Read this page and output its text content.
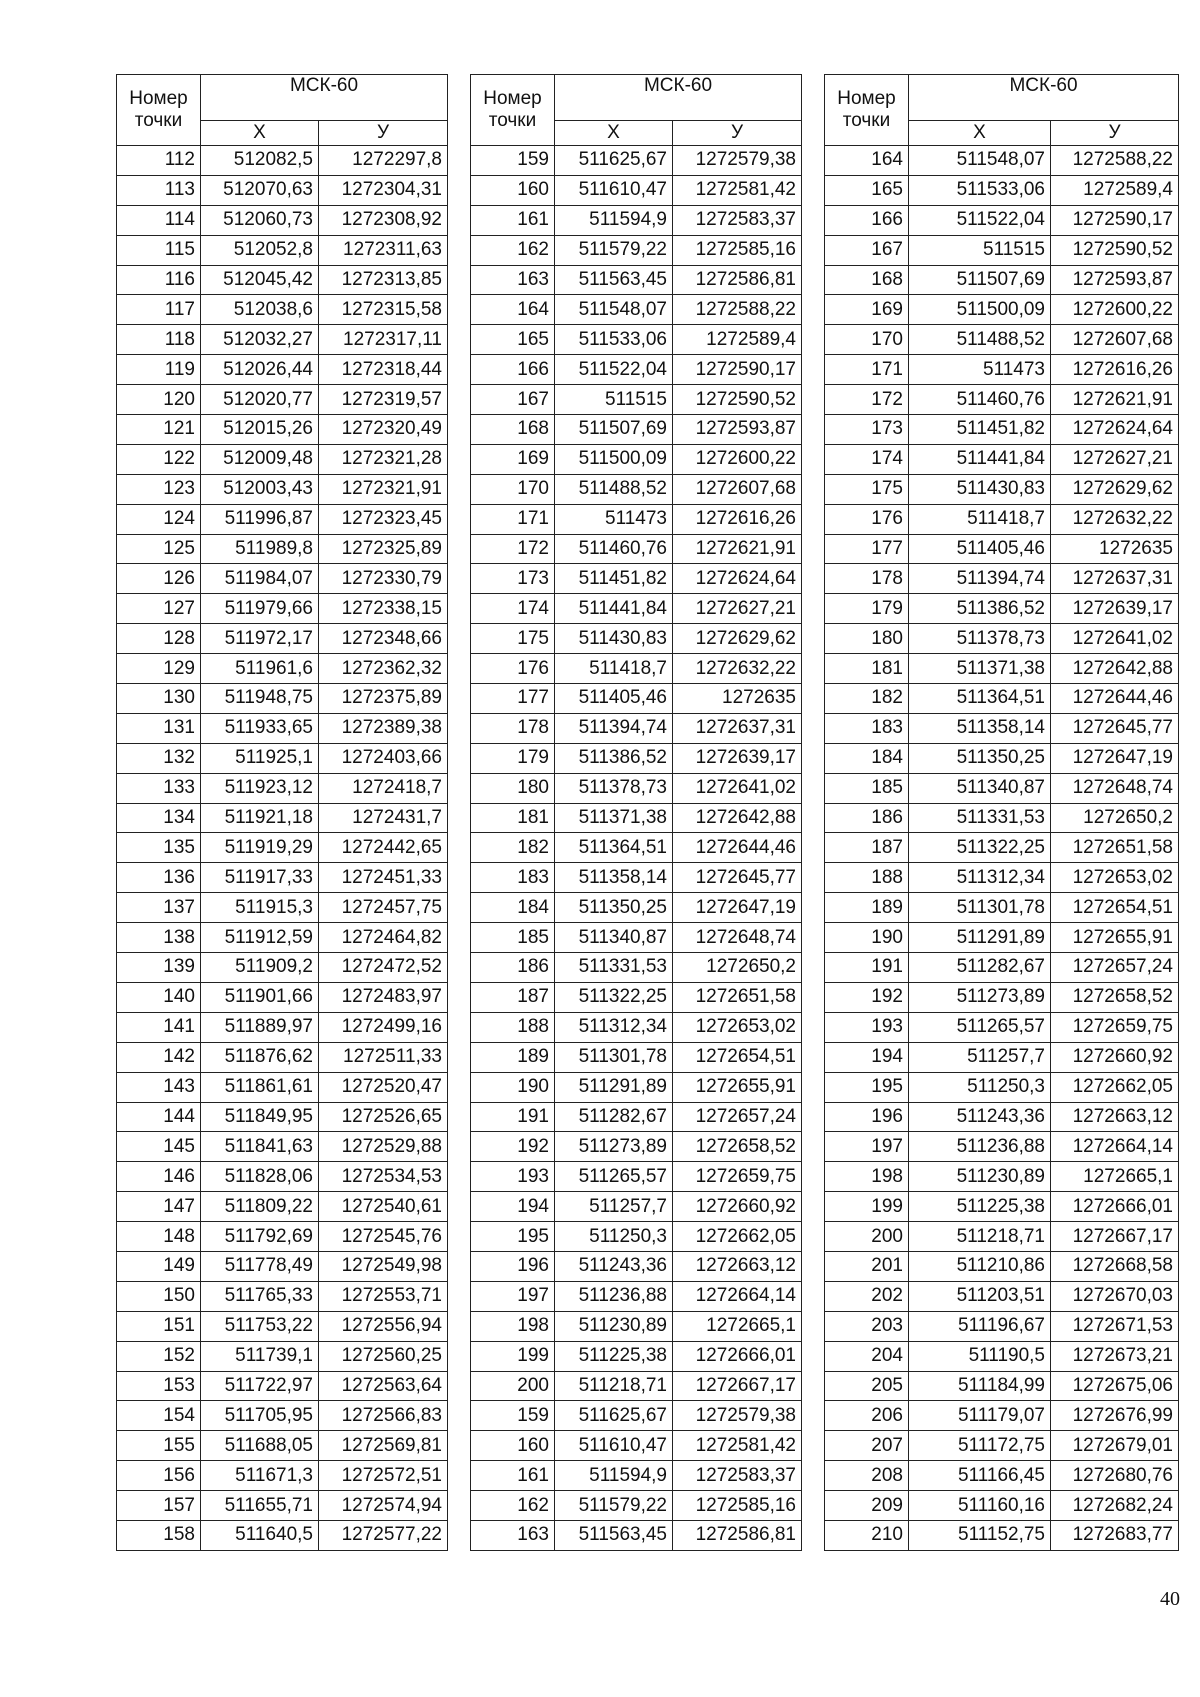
Номер
точки	МСК-60	
	Х	У
112	512082,5	1272297,8
113	512070,63	1272304,31
114	512060,73	1272308,92
115	512052,8	1272311,63
116	512045,42	1272313,85
117	512038,6	1272315,58
118	512032,27	1272317,11
119	512026,44	1272318,44
120	512020,77	1272319,57
121	512015,26	1272320,49
122	512009,48	1272321,28
123	512003,43	1272321,91
124	511996,87	1272323,45
125	511989,8	1272325,89
126	511984,07	1272330,79
127	511979,66	1272338,15
128	511972,17	1272348,66
129	511961,6	1272362,32
130	511948,75	1272375,89
131	511933,65	1272389,38
132	511925,1	1272403,66
133	511923,12	1272418,7
134	511921,18	1272431,7
135	511919,29	1272442,65
136	511917,33	1272451,33
137	511915,3	1272457,75
138	511912,59	1272464,82
139	511909,2	1272472,52
140	511901,66	1272483,97
141	511889,97	1272499,16
142	511876,62	1272511,33
143	511861,61	1272520,47
144	511849,95	1272526,65
145	511841,63	1272529,88
146	511828,06	1272534,53
147	511809,22	1272540,61
148	511792,69	1272545,76
149	511778,49	1272549,98
150	511765,33	1272553,71
151	511753,22	1272556,94
152	511739,1	1272560,25
153	511722,97	1272563,64
154	511705,95	1272566,83
155	511688,05	1272569,81
156	511671,3	1272572,51
157	511655,71	1272574,94
158	511640,5	1272577,22
Номер
точки	МСК-60	
	Х	У
159	511625,67	1272579,38
160	511610,47	1272581,42
161	511594,9	1272583,37
162	511579,22	1272585,16
163	511563,45	1272586,81
164	511548,07	1272588,22
165	511533,06	1272589,4
166	511522,04	1272590,17
167	511515	1272590,52
168	511507,69	1272593,87
169	511500,09	1272600,22
170	511488,52	1272607,68
171	511473	1272616,26
172	511460,76	1272621,91
173	511451,82	1272624,64
174	511441,84	1272627,21
175	511430,83	1272629,62
176	511418,7	1272632,22
177	511405,46	1272635
178	511394,74	1272637,31
179	511386,52	1272639,17
180	511378,73	1272641,02
181	511371,38	1272642,88
182	511364,51	1272644,46
183	511358,14	1272645,77
184	511350,25	1272647,19
185	511340,87	1272648,74
186	511331,53	1272650,2
187	511322,25	1272651,58
188	511312,34	1272653,02
189	511301,78	1272654,51
190	511291,89	1272655,91
191	511282,67	1272657,24
192	511273,89	1272658,52
193	511265,57	1272659,75
194	511257,7	1272660,92
195	511250,3	1272662,05
196	511243,36	1272663,12
197	511236,88	1272664,14
198	511230,89	1272665,1
199	511225,38	1272666,01
200	511218,71	1272667,17
159	511625,67	1272579,38
160	511610,47	1272581,42
161	511594,9	1272583,37
162	511579,22	1272585,16
163	511563,45	1272586,81
Номер
точки	МСК-60	
	Х	У
164	511548,07	1272588,22
165	511533,06	1272589,4
166	511522,04	1272590,17
167	511515	1272590,52
168	511507,69	1272593,87
169	511500,09	1272600,22
170	511488,52	1272607,68
171	511473	1272616,26
172	511460,76	1272621,91
173	511451,82	1272624,64
174	511441,84	1272627,21
175	511430,83	1272629,62
176	511418,7	1272632,22
177	511405,46	1272635
178	511394,74	1272637,31
179	511386,52	1272639,17
180	511378,73	1272641,02
181	511371,38	1272642,88
182	511364,51	1272644,46
183	511358,14	1272645,77
184	511350,25	1272647,19
185	511340,87	1272648,74
186	511331,53	1272650,2
187	511322,25	1272651,58
188	511312,34	1272653,02
189	511301,78	1272654,51
190	511291,89	1272655,91
191	511282,67	1272657,24
192	511273,89	1272658,52
193	511265,57	1272659,75
194	511257,7	1272660,92
195	511250,3	1272662,05
196	511243,36	1272663,12
197	511236,88	1272664,14
198	511230,89	1272665,1
199	511225,38	1272666,01
200	511218,71	1272667,17
201	511210,86	1272668,58
202	511203,51	1272670,03
203	511196,67	1272671,53
204	511190,5	1272673,21
205	511184,99	1272675,06
206	511179,07	1272676,99
207	511172,75	1272679,01
208	511166,45	1272680,76
209	511160,16	1272682,24
210	511152,75	1272683,77
40
